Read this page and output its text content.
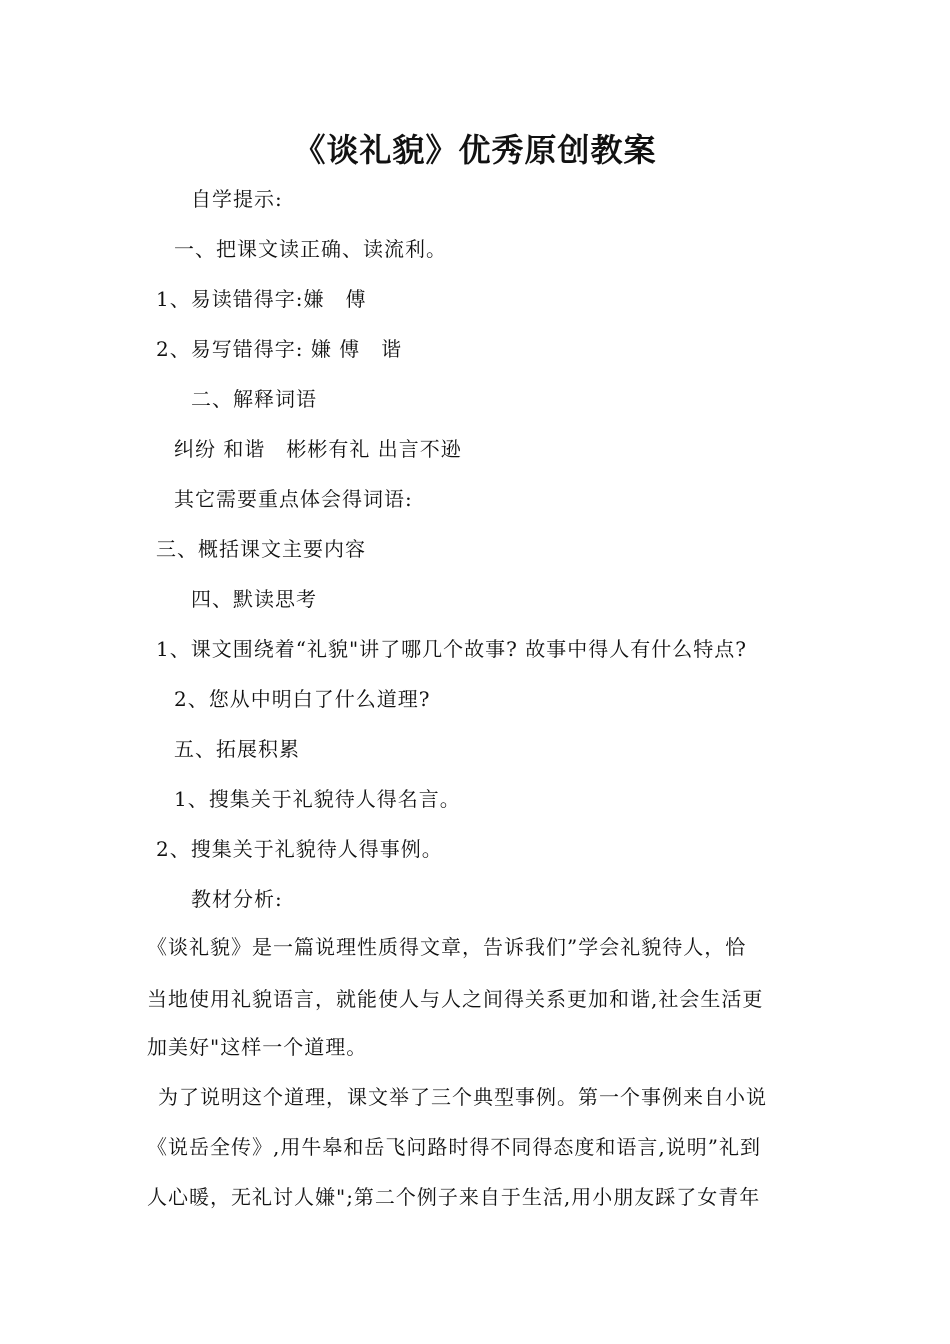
《谈礼貌》优秀原创教案
自学提示:
一、把课文读正确、读流利。
1、易读错得字:嫌　傅
2、易写错得字: 嫌 傅　谐
二、解释词语
纠纷 和谐　彬彬有礼 出言不逊
其它需要重点体会得词语:
三、概括课文主要内容
四、默读思考
1、课文围绕着“礼貌"讲了哪几个故事? 故事中得人有什么特点?
2、您从中明白了什么道理?
五、拓展积累
1、搜集关于礼貌待人得名言。
2、搜集关于礼貌待人得事例。
教材分析:
《谈礼貌》是一篇说理性质得文章，告诉我们”学会礼貌待人，恰
当地使用礼貌语言，就能使人与人之间得关系更加和谐,社会生活更
加美好"这样一个道理。
为了说明这个道理，课文举了三个典型事例。第一个事例来自小说
《说岳全传》,用牛皋和岳飞问路时得不同得态度和语言,说明”礼到
人心暖，无礼讨人嫌";第二个例子来自于生活,用小朋友踩了女青年
